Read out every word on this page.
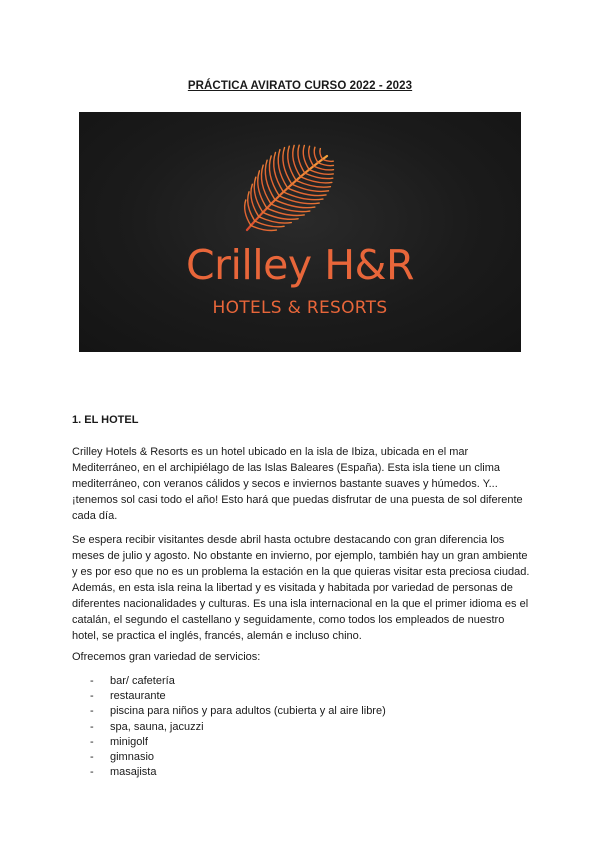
PRÁCTICA AVIRATO CURSO 2022 - 2023
Crilley H&R
HOTELS & RESORTS
1. EL HOTEL

Crilley Hotels & Resorts es un hotel ubicado en la isla de Ibiza, ubicada en el mar Mediterráneo, en el archipiélago de las Islas Baleares (España). Esta isla tiene un clima mediterráneo, con veranos cálidos y secos e inviernos bastante suaves y húmedos. Y... ¡tenemos sol casi todo el año! Esto hará que puedas disfrutar de una puesta de sol diferente cada día.

Se espera recibir visitantes desde abril hasta octubre destacando con gran diferencia los meses de julio y agosto. No obstante en invierno, por ejemplo, también hay un gran ambiente y es por eso que no es un problema la estación en la que quieras visitar esta preciosa ciudad. Además, en esta isla reina la libertad y es visitada y habitada por variedad de personas de diferentes nacionalidades y culturas. Es una isla internacional en la que el primer idioma es el catalán, el segundo el castellano y seguidamente, como todos los empleados de nuestro hotel, se practica el inglés, francés, alemán e incluso chino.

Ofrecemos gran variedad de servicios:

- bar/ cafetería
- restaurante
- piscina para niños y para adultos (cubierta y al aire libre)
- spa, sauna, jacuzzi
- minigolf
- gimnasio
- masajista
